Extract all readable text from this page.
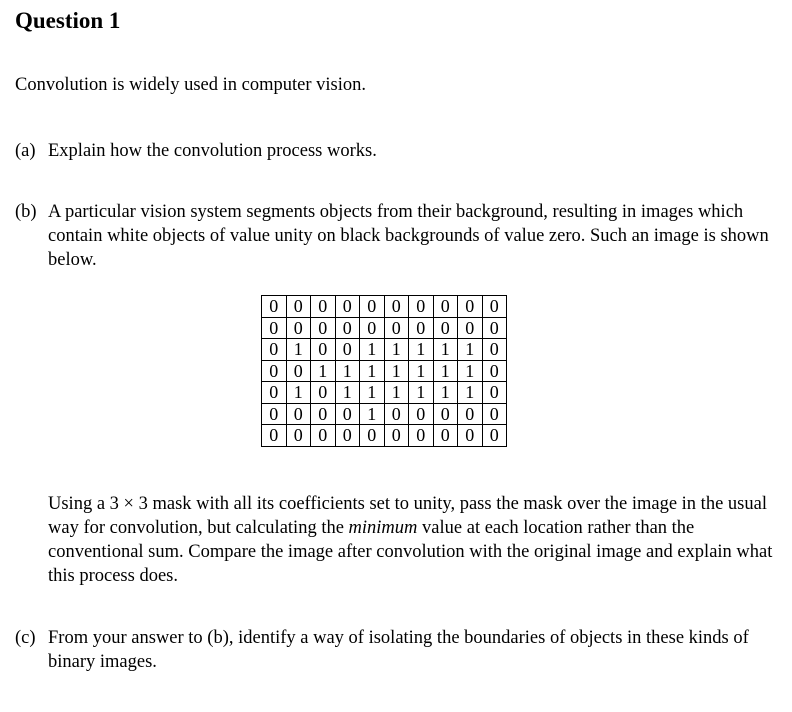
Question 1

Convolution is widely used in computer vision.

(a) Explain how the convolution process works.
(b) A particular vision system segments objects from their background, resulting in images which contain white objects of value unity on black backgrounds of value zero. Such an image is shown below.
0	0	0	0	0	0	0	0	0	0
0	0	0	0	0	0	0	0	0	0
0	1	0	0	1	1	1	1	1	0
0	0	1	1	1	1	1	1	1	0
0	1	0	1	1	1	1	1	1	0
0	0	0	0	1	0	0	0	0	0
0	0	0	0	0	0	0	0	0	0
Using a 3 × 3 mask with all its coefficients set to unity, pass the mask over the image in the usual way for convolution, but calculating the minimum value at each location rather than the conventional sum. Compare the image after convolution with the original image and explain what this process does.
(c) From your answer to (b), identify a way of isolating the boundaries of objects in these kinds of binary images.
